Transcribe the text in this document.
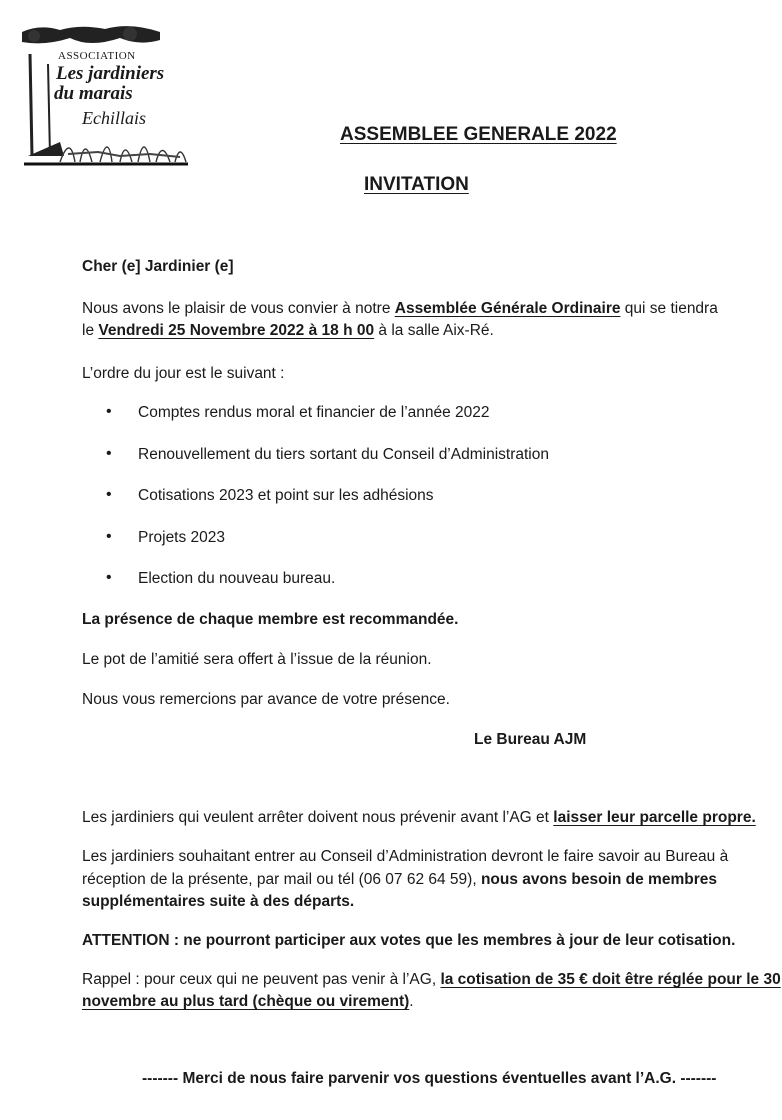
ASSOCIATION
Les jardiniers
du marais
Echillais
ASSEMBLEE GENERALE 2022
INVITATION

Cher (e] Jardinier (e]

Nous avons le plaisir de vous convier à notre Assemblée Générale Ordinaire qui se tiendra

le Vendredi 25 Novembre 2022 à 18 h 00 à la salle Aix-Ré.

L’ordre du jour est le suivant :

• Comptes rendus moral et financier de l’année 2022

• Renouvellement du tiers sortant du Conseil d’Administration

• Cotisations 2023 et point sur les adhésions

• Projets 2023

• Election du nouveau bureau.

La présence de chaque membre est recommandée.

Le pot de l’amitié sera offert à l’issue de la réunion.

Nous vous remercions par avance de votre présence.

Le Bureau AJM

Les jardiniers qui veulent arrêter doivent nous prévenir avant l’AG et laisser leur parcelle propre.

Les jardiniers souhaitant entrer au Conseil d’Administration devront le faire savoir au Bureau à

réception de la présente, par mail ou tél (06 07 62 64 59), nous avons besoin de membres

supplémentaires suite à des départs.

ATTENTION : ne pourront participer aux votes que les membres à jour de leur cotisation.

Rappel : pour ceux qui ne peuvent pas venir à l’AG, la cotisation de 35 € doit être réglée pour le 30

novembre au plus tard (chèque ou virement).

------- Merci de nous faire parvenir vos questions éventuelles avant l’A.G. -------
